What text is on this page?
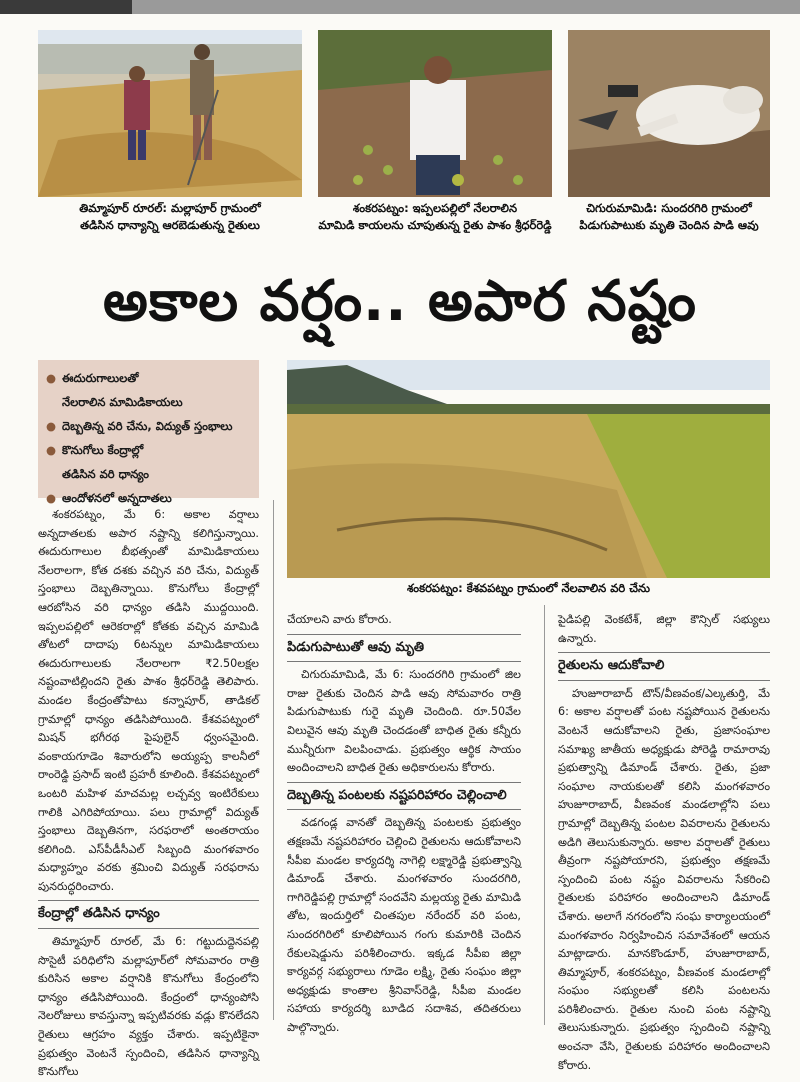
తిమ్మాపూర్ రూరల్: మల్లాపూర్ గ్రామంలో
తడిసిన ధాన్యాన్ని ఆరబెడుతున్న రైతులు
శంకరపట్నం: ఇప్పలపల్లిలో నేలరాలిన
మామిడి కాయలను చూపుతున్న రైతు పాశం శ్రీధర్‌రెడ్డి
చిగురుమామిడి: సుందరగిరి గ్రామంలో
పిడుగుపాటుకు మృతి చెందిన పాడి ఆవు
అకాల వర్షం.. అపార నష్టం
● ఈదురుగాలులతో
నేలరాలిన మామిడికాయలు
● దెబ్బతిన్న వరి చేను, విద్యుత్ స్తంభాలు
● కొనుగోలు కేంద్రాల్లో
తడిసిన వరి ధాన్యం
● ఆందోళనలో అన్నదాతలు
శంకరపట్నం: కేశవపట్నం గ్రామంలో నేలవాలిన వరి చేను

శంకరపట్నం, మే 6: అకాల వర్షాలు అన్నదాతలకు అపార నష్టాన్ని కలిగిస్తున్నాయి. ఈదురుగాలుల బీభత్సంతో మామిడికాయలు నేలరాలగా, కోత దశకు వచ్చిన వరి చేను, విద్యుత్ స్తంభాలు దెబ్బతిన్నాయి. కొనుగోలు కేంద్రాల్లో ఆరబోసిన వరి ధాన్యం తడిసి ముద్దయింది. ఇప్పలపల్లిలో ఆరెకరాల్లో కోతకు వచ్చిన మామిడి తోటలో దాదాపు 6టన్నుల మామిడికాయలు ఈదురుగాలులకు నేలరాలగా ₹2.50లక్షల నష్టంవాటిల్లిందని రైతు పాశం శ్రీధర్‌రెడ్డి తెలిపారు. మండల కేంద్రంతోపాటు కన్నాపూర్, తాడికల్ గ్రామాల్లో ధాన్యం తడిసిపోయింది. కేశవపట్నంలో మిషన్ భగీరథ పైపులైన్ ధ్వంసమైంది. వంకాయగూడెం శివారులోని అయ్యప్ప కాలనీలో రాంరెడ్డి ప్రసాద్ ఇంటి ప్రహరీ కూలింది. కేశవపట్నంలో ఒంటరి మహిళ మాచమల్ల లచ్చవ్వ ఇంటిరేకులు గాలికి ఎగిరిపోయాయి. పలు గ్రామాల్లో విద్యుత్ స్తంభాలు దెబ్బతినగా, సరఫరాలో అంతరాయం కలిగింది. ఎస్‌పీడీసీఎల్ సిబ్బంది మంగళవారం మధ్యాహ్నం వరకు శ్రమించి విద్యుత్ సరఫరాను పునరుద్ధరించారు.

కేంద్రాల్లో తడిసిన ధాన్యం

తిమ్మాపూర్ రూరల్, మే 6: గట్టుదుద్దెనపల్లి సొసైటీ పరిధిలోని మల్లాపూర్‌లో సోమవారం రాత్రి కురిసిన అకాల వర్షానికి కొనుగోలు కేంద్రంలోని ధాన్యం తడిసిపోయింది. కేంద్రంలో ధాన్యంపోసి నెలరోజులు కావస్తున్నా ఇప్పటివరకు వడ్లు కొనలేదని రైతులు ఆగ్రహం వ్యక్తం చేశారు. ఇప్పటికైనా ప్రభుత్వం వెంటనే స్పందించి, తడిసిన ధాన్యాన్ని కొనుగోలు

చేయాలని వారు కోరారు.

పిడుగుపాటుతో ఆవు మృతి

చిగురుమామిడి, మే 6: సుందరగిరి గ్రామంలో జిల రాజు రైతుకు చెందిన పాడి ఆవు సోమవారం రాత్రి పిడుగుపాటుకు గురై మృతి చెందింది. రూ.50వేల విలువైన ఆవు మృతి చెందడంతో బాధిత రైతు కన్నీరు మున్నీరుగా విలపించాడు. ప్రభుత్వం ఆర్థిక సాయం అందించాలని బాధిత రైతు అధికారులను కోరారు.

దెబ్బతిన్న పంటలకు నష్టపరిహారం చెల్లించాలి

వడగండ్ల వానతో దెబ్బతిన్న పంటలకు ప్రభుత్వం తక్షణమే నష్టపరిహారం చెల్లించి రైతులను ఆదుకోవాలని సీపీఐ మండల కార్యదర్శి నాగెల్లి లక్ష్మారెడ్డి ప్రభుత్వాన్ని డిమాండ్ చేశారు. మంగళవారం సుందరగిరి, గాగిరెడ్డిపల్లి గ్రామాల్లో సందవేని మల్లయ్య రైతు మామిడి తోట, ఇందుర్తిలో చింతపుల నరేందర్ వరి పంట, సుందరగిరిలో కూలిపోయిన గంగు కుమారికి చెందిన రేకులషెడ్డును పరిశీలించారు. ఇక్కడ సీపీఐ జిల్లా కార్యవర్గ సభ్యురాలు గూడెం లక్ష్మి, రైతు సంఘం జిల్లా అధ్యక్షుడు కాంతాల శ్రీనివాస్‌రెడ్డి, సీపీఐ మండల సహాయ కార్యదర్శి బూడిద సదాశివ, తదితరులు పాల్గొన్నారు.

పైడిపల్లి వెంకటేశ్, జిల్లా కౌన్సిల్ సభ్యులు ఉన్నారు.

రైతులను ఆదుకోవాలి

హుజూరాబాద్ టౌన్/వీణవంక/ఎల్కతుర్తి, మే 6: అకాల వర్షాలతో పంట నష్టపోయిన రైతులను వెంటనే ఆదుకోవాలని రైతు, ప్రజాసంఘాల సమాఖ్య జాతీయ అధ్యక్షుడు పోరెడ్డి రామారావు ప్రభుత్వాన్ని డిమాండ్ చేశారు. రైతు, ప్రజా సంఘాల నాయకులతో కలిసి మంగళవారం హుజూరాబాద్, వీణవంక మండలాల్లోని పలు గ్రామాల్లో దెబ్బతిన్న పంటల వివరాలను రైతులను అడిగి తెలుసుకున్నారు. అకాల వర్షాలతో రైతులు తీవ్రంగా నష్టపోయారని, ప్రభుత్వం తక్షణమే స్పందించి పంట నష్టం వివరాలను సేకరించి రైతులకు పరిహారం అందించాలని డిమాండ్ చేశారు. అలాగే నగరంలోని సంఘ కార్యాలయంలో మంగళవారం నిర్వహించిన సమావేశంలో ఆయన మాట్లాడారు. మానకొండూర్, హుజూరాబాద్, తిమ్మాపూర్, శంకరపట్నం, వీణవంక మండలాల్లో సంఘం సభ్యులతో కలిసి పంటలను పరిశీలించారు. రైతుల నుంచి పంట నష్టాన్ని తెలుసుకున్నారు. ప్రభుత్వం స్పందించి నష్టాన్ని అంచనా వేసి, రైతులకు పరిహారం అందించాలని కోరారు.
